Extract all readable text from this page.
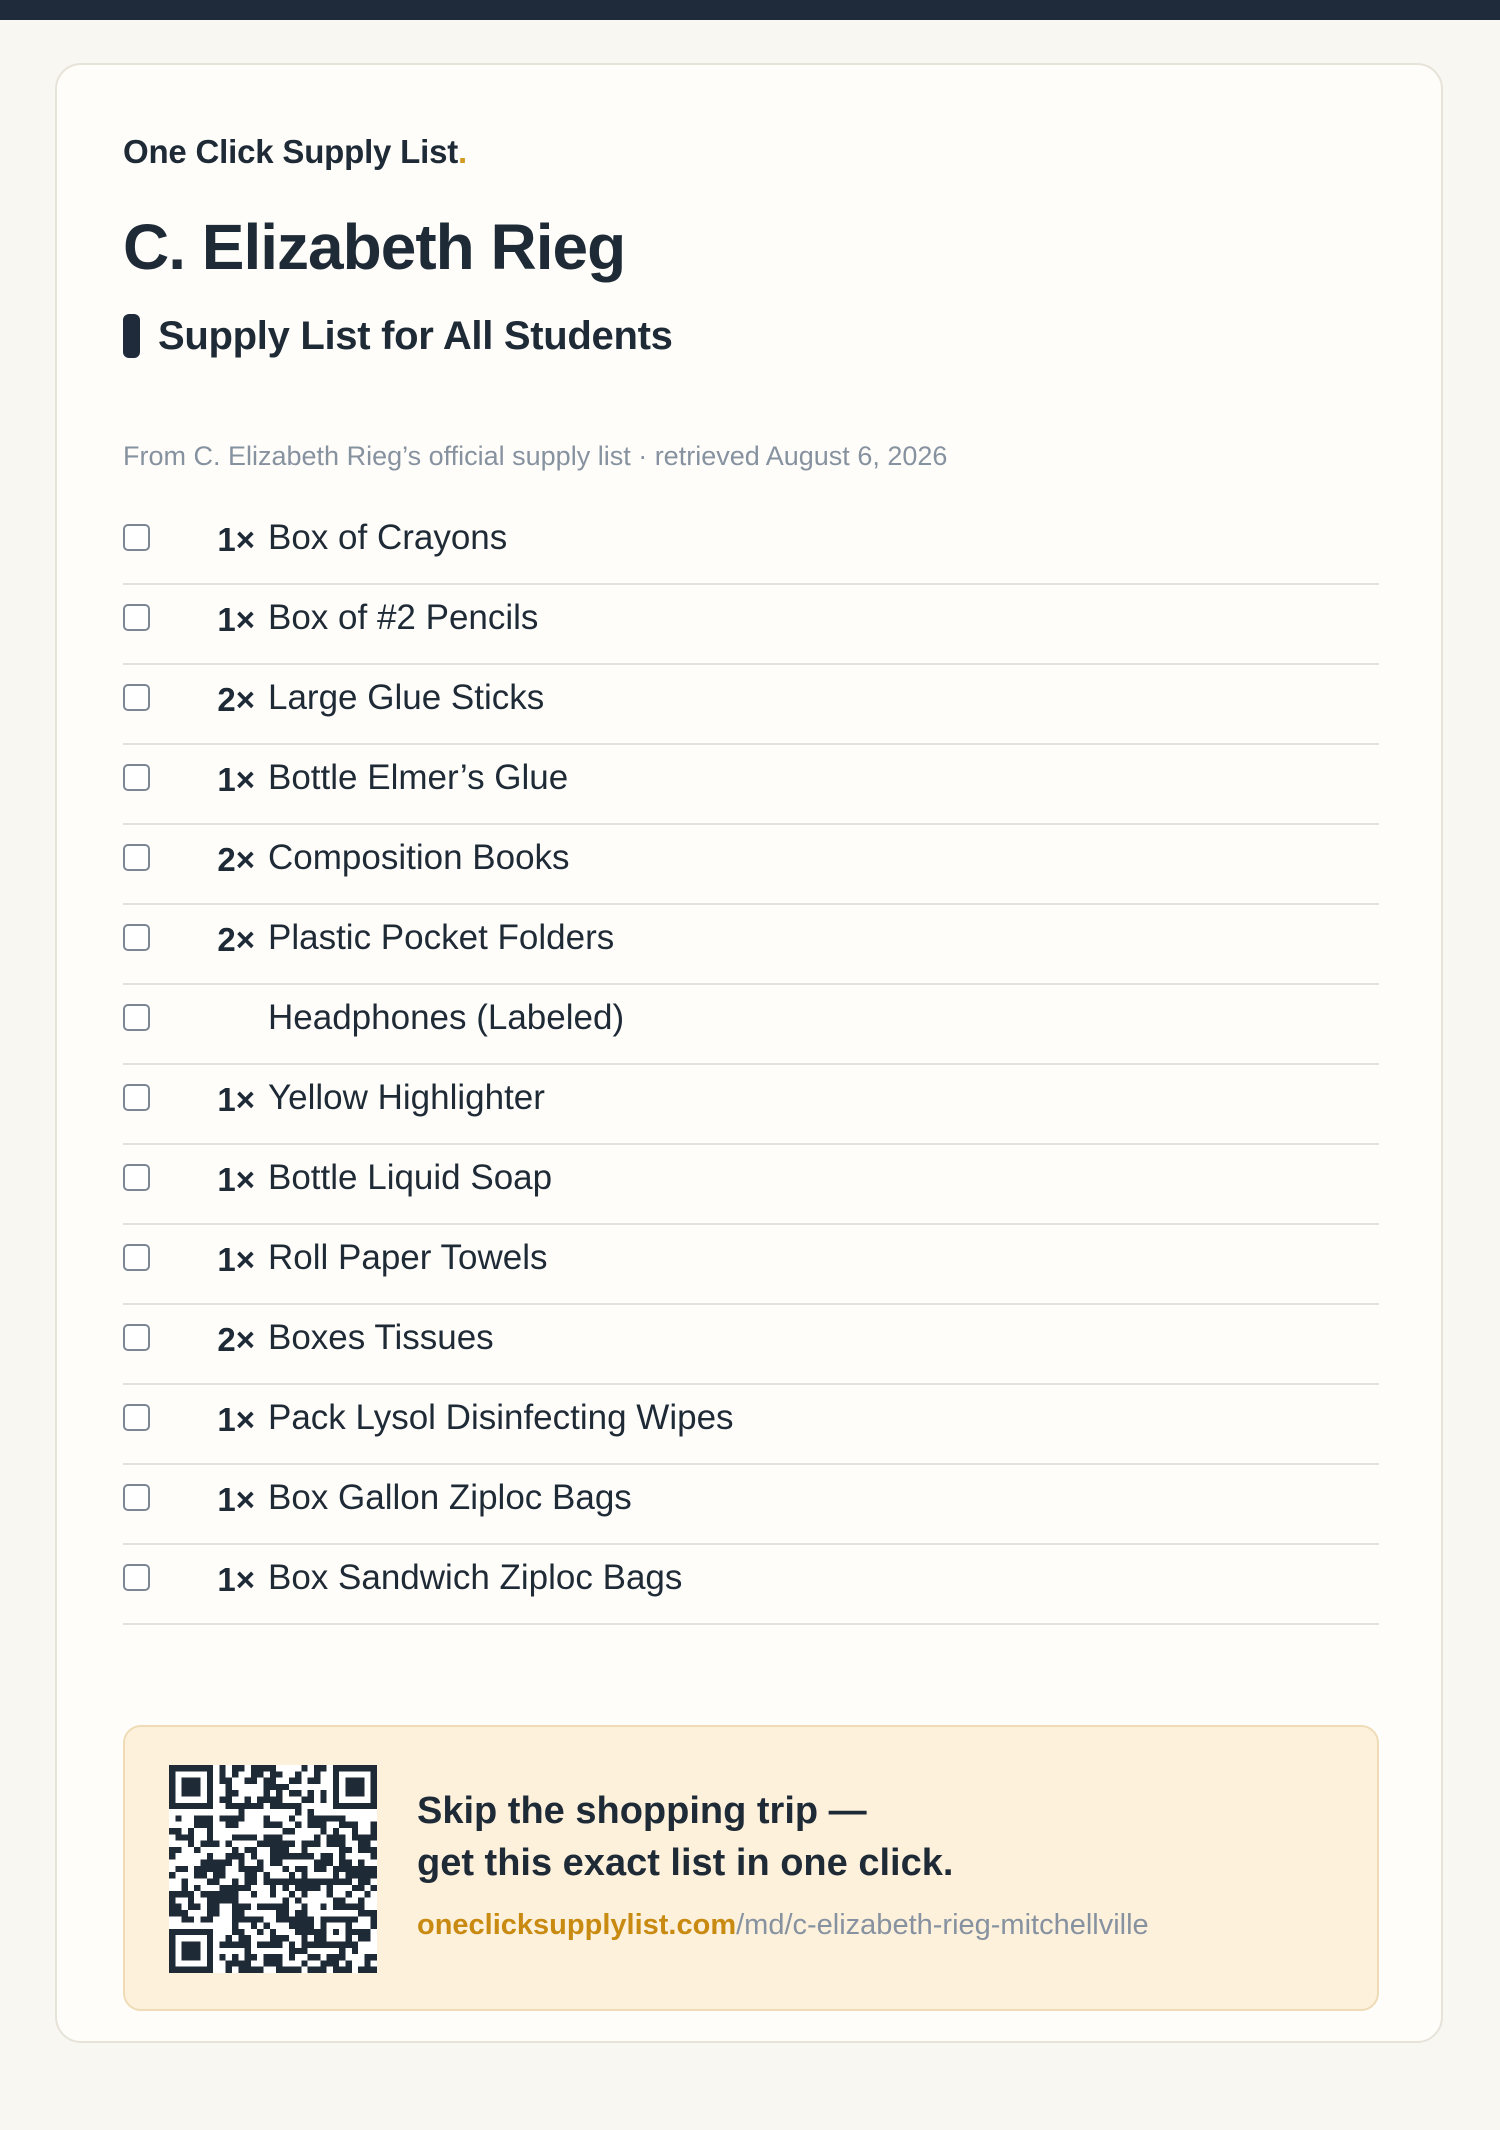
One Click Supply List.
C. Elizabeth Rieg
Supply List for All Students
From C. Elizabeth Rieg’s official supply list · retrieved August 6, 2026
1× Box of Crayons
1× Box of #2 Pencils
2× Large Glue Sticks
1× Bottle Elmer’s Glue
2× Composition Books
2× Plastic Pocket Folders
Headphones (Labeled)
1× Yellow Highlighter
1× Bottle Liquid Soap
1× Roll Paper Towels
2× Boxes Tissues
1× Pack Lysol Disinfecting Wipes
1× Box Gallon Ziploc Bags
1× Box Sandwich Ziploc Bags
Skip the shopping trip —
get this exact list in one click.
oneclicksupplylist.com/md/c-elizabeth-rieg-mitchellville
